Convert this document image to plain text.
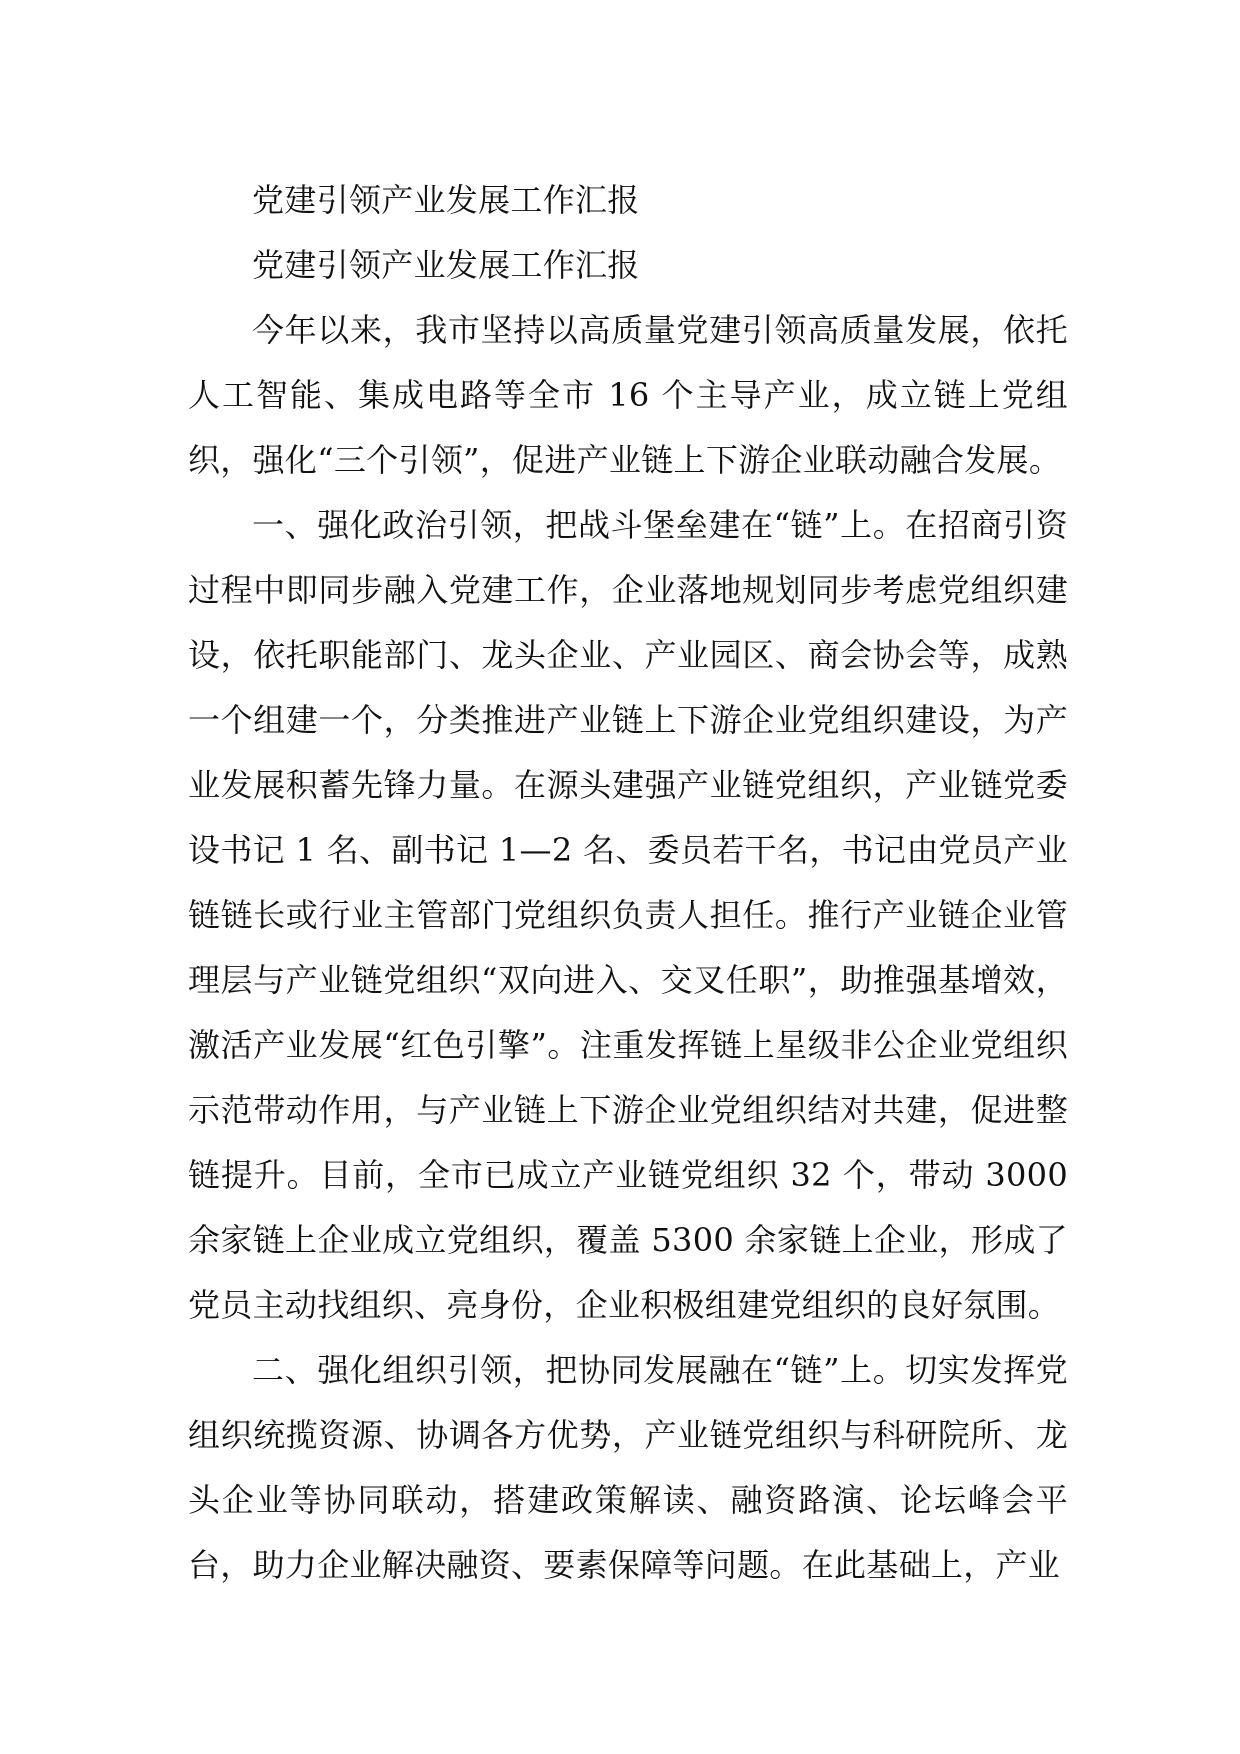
党建引领产业发展工作汇报

党建引领产业发展工作汇报

今年以来，我市坚持以高质量党建引领高质量发展，依托人工智能、集成电路等全市 16 个主导产业，成立链上党组织，强化“三个引领”，促进产业链上下游企业联动融合发展。

一、强化政治引领，把战斗堡垒建在“链”上。在招商引资过程中即同步融入党建工作，企业落地规划同步考虑党组织建设，依托职能部门、龙头企业、产业园区、商会协会等，成熟一个组建一个，分类推进产业链上下游企业党组织建设，为产业发展积蓄先锋力量。在源头建强产业链党组织，产业链党委设书记 1 名、副书记 1—2 名、委员若干名，书记由党员产业链链长或行业主管部门党组织负责人担任。推行产业链企业管理层与产业链党组织“双向进入、交叉任职”，助推强基增效，激活产业发展“红色引擎”。注重发挥链上星级非公企业党组织示范带动作用，与产业链上下游企业党组织结对共建，促进整链提升。目前，全市已成立产业链党组织 32 个，带动 3000 余家链上企业成立党组织，覆盖 5300 余家链上企业，形成了党员主动找组织、亮身份，企业积极组建党组织的良好氛围。

二、强化组织引领，把协同发展融在“链”上。切实发挥党组织统揽资源、协调各方优势，产业链党组织与科研院所、龙头企业等协同联动，搭建政策解读、融资路演、论坛峰会平台，助力企业解决融资、要素保障等问题。在此基础上，产业
